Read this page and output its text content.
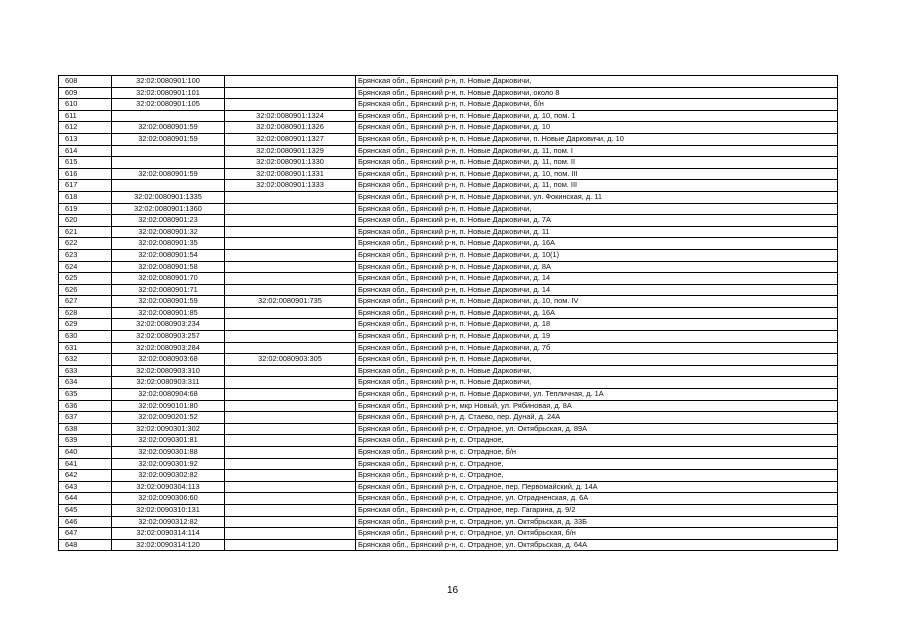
608	32:02:0080901:100		Брянская обл., Брянский р-н, п. Новые Дарковичи,
609	32:02:0080901:101		Брянская обл., Брянский р-н, п. Новые Дарковичи, около 8
610	32:02:0080901:105		Брянская обл., Брянский р-н, п. Новые Дарковичи, б/н
611		32:02:0080901:1324	Брянская обл., Брянский р-н, п. Новые Дарковичи, д. 10, пом. 1
612	32:02:0080901:59	32:02:0080901:1326	Брянская обл., Брянский р-н, п. Новые Дарковичи, д. 10
613	32:02:0080901:59	32:02:0080901:1327	Брянская обл., Брянский р-н, п. Новые Дарковичи, п. Новые Дарковичи, д. 10
614		32:02:0080901:1329	Брянская обл., Брянский р-н, п. Новые Дарковичи, д. 11, пом. I
615		32:02:0080901:1330	Брянская обл., Брянский р-н, п. Новые Дарковичи, д. 11, пом. II
616	32:02:0080901:59	32:02:0080901:1331	Брянская обл., Брянский р-н, п. Новые Дарковичи, д. 10, пом. III
617		32:02:0080901:1333	Брянская обл., Брянский р-н, п. Новые Дарковичи, д. 11, пом. III
618	32:02:0080901:1335		Брянская обл., Брянский р-н, п. Новые Дарковичи, ул. Фокинская, д. 11
619	32:02:0080901:1360		Брянская обл., Брянский р-н, п. Новые Дарковичи,
620	32:02:0080901:23		Брянская обл., Брянский р-н, п. Новые Дарковичи, д. 7А
621	32:02:0080901:32		Брянская обл., Брянский р-н, п. Новые Дарковичи, д. 11
622	32:02:0080901:35		Брянская обл., Брянский р-н, п. Новые Дарковичи, д. 16А
623	32:02:0080901:54		Брянская обл., Брянский р-н, п. Новые Дарковичи, д. 10(1)
624	32:02:0080901:58		Брянская обл., Брянский р-н, п. Новые Дарковичи, д. 8А
625	32:02:0080901:70		Брянская обл., Брянский р-н, п. Новые Дарковичи, д. 14
626	32:02:0080901:71		Брянская обл., Брянский р-н, п. Новые Дарковичи, д. 14
627	32:02:0080901:59	32:02:0080901:735	Брянская обл., Брянский р-н, п. Новые Дарковичи, д. 10, пом. IV
628	32:02:0080901:85		Брянская обл., Брянский р-н, п. Новые Дарковичи, д. 16А
629	32:02:0080903:234		Брянская обл., Брянский р-н, п. Новые Дарковичи, д. 18
630	32:02:0080903:257		Брянская обл., Брянский р-н, п. Новые Дарковичи, д. 19
631	32:02:0080903:284		Брянская обл., Брянский р-н, п. Новые Дарковичи, д. 7б
632	32:02:0080903:68	32:02:0080903:305	Брянская обл., Брянский р-н, п. Новые Дарковичи,
633	32:02:0080903:310		Брянская обл., Брянский р-н, п. Новые Дарковичи,
634	32:02:0080903:311		Брянская обл., Брянский р-н, п. Новые Дарковичи,
635	32:02:0080904:68		Брянская обл., Брянский р-н, п. Новые Дарковичи, ул. Тепличная, д. 1А
636	32:02:0090101:80		Брянская обл., Брянский р-н, мкр Новый, ул. Рябиновая, д. 8А
637	32:02:0090201:52		Брянская обл., Брянский р-н, д. Стаево, пер. Дунай, д. 24А
638	32:02:0090301:302		Брянская обл., Брянский р-н, с. Отрадное, ул. Октябрьская, д. 89А
639	32:02:0090301:81		Брянская обл., Брянский р-н, с. Отрадное,
640	32:02:0090301:88		Брянская обл., Брянский р-н, с. Отрадное, б/н
641	32:02:0090301:92		Брянская обл., Брянский р-н, с. Отрадное,
642	32:02:0090302:82		Брянская обл., Брянский р-н, с. Отрадное,
643	32:02:0090304:113		Брянская обл., Брянский р-н, с. Отрадное, пер. Первомайский, д. 14А
644	32:02:0090306:60		Брянская обл., Брянский р-н, с. Отрадное, ул. Отрадненская, д. 6А
645	32:02:0090310:131		Брянская обл., Брянский р-н, с. Отрадное, пер. Гагарина, д. 9/2
646	32:02:0090312:82		Брянская обл., Брянский р-н, с. Отрадное, ул. Октябрьская, д. 33Б
647	32:02:0090314:114		Брянская обл., Брянский р-н, с. Отрадное, ул. Октябрьская, б/н
648	32:02:0090314:120		Брянская обл., Брянский р-н, с. Отрадное, ул. Октябрьская, д. 64А
16
